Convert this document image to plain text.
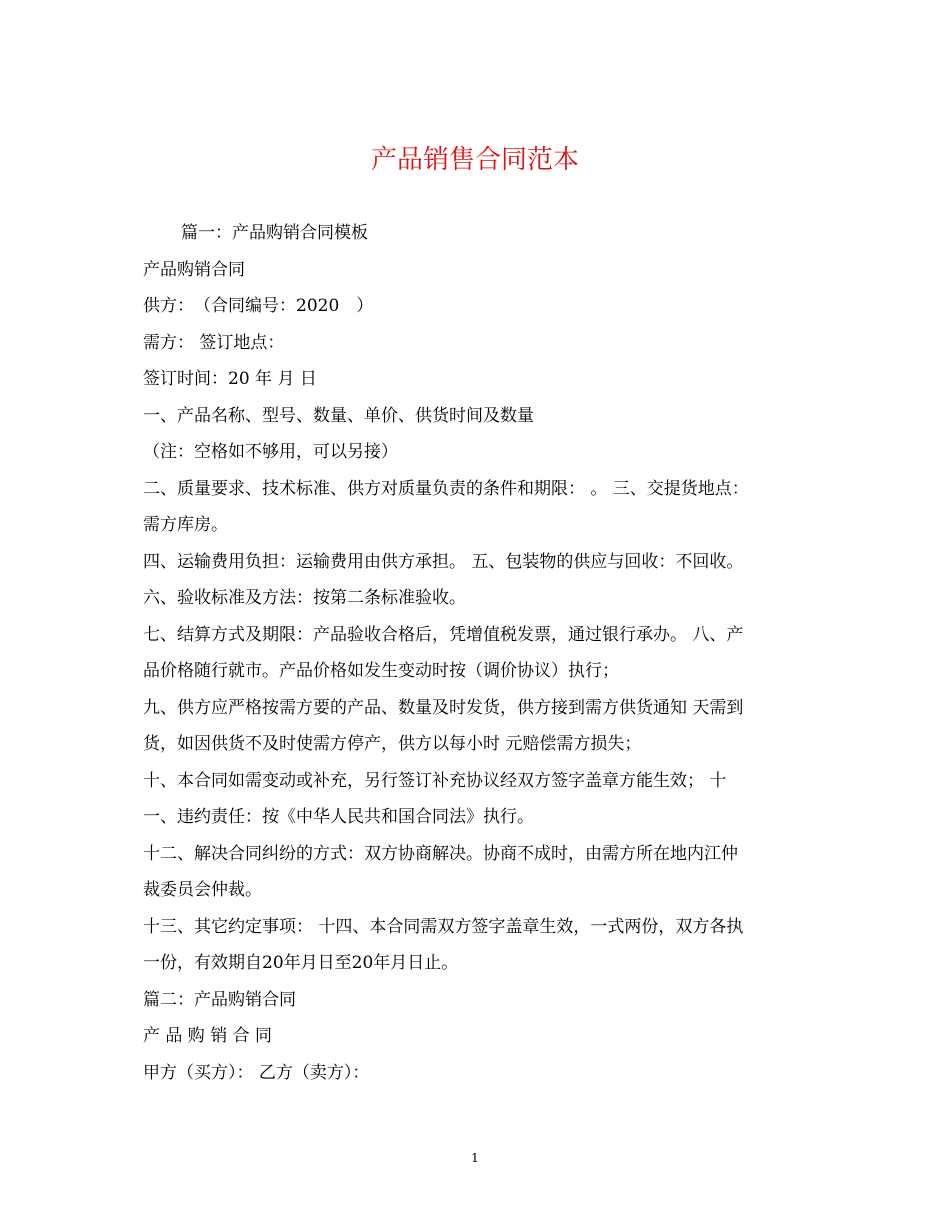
产品销售合同范本
篇一：产品购销合同模板
产品购销合同
供方：　（合同编号：2020　）
需方： 签订地点：
签订时间：20 年 月 日
一、产品名称、型号、数量、单价、供货时间及数量
（注：空格如不够用，可以另接）
二、质量要求、技术标准、供方对质量负责的条件和期限： 。 三、交提货地点：
需方库房。
四、运输费用负担：运输费用由供方承担。 五、包装物的供应与回收：不回收。
六、验收标准及方法：按第二条标准验收。
七、结算方式及期限：产品验收合格后，凭增值税发票，通过银行承办。 八、产
品价格随行就市。产品价格如发生变动时按（调价协议）执行；
九、供方应严格按需方要的产品、数量及时发货，供方接到需方供货通知 天需到
货，如因供货不及时使需方停产，供方以每小时 元赔偿需方损失；
十、本合同如需变动或补充，另行签订补充协议经双方签字盖章方能生效； 十
一、违约责任：按《中华人民共和国合同法》执行。
十二、解决合同纠纷的方式：双方协商解决。协商不成时，由需方所在地内江仲
裁委员会仲裁。
十三、其它约定事项： 十四、本合同需双方签字盖章生效，一式两份，双方各执
一份，有效期自20年月日至20年月日止。
篇二：产品购销合同
产 品 购 销 合 同
甲方（买方）： 乙方（卖方）：
1
